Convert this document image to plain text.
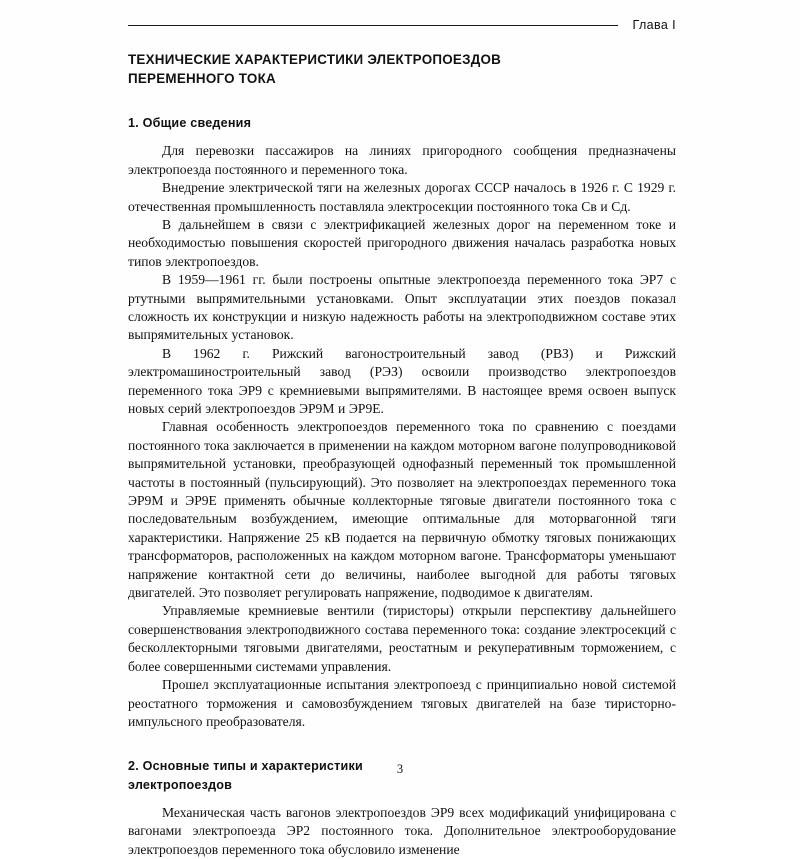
Глава I
ТЕХНИЧЕСКИЕ ХАРАКТЕРИСТИКИ ЭЛЕКТРОПОЕЗДОВ
ПЕРЕМЕННОГО ТОКА
1. Общие сведения

Для перевозки пассажиров на линиях пригородного сообщения предназначены электропоезда постоянного и переменного тока.

Внедрение электрической тяги на железных дорогах СССР началось в 1926 г. С 1929 г. отечественная промышленность поставляла электросекции постоянного тока Св и Сд.

В дальнейшем в связи с электрификацией железных дорог на переменном токе и необходимостью повышения скоростей пригородного движения началась разработка новых типов электропоездов.

В 1959—1961 гг. были построены опытные электропоезда переменного тока ЭР7 с ртутными выпрямительными установками. Опыт эксплуатации этих поездов показал сложность их конструкции и низкую надежность работы на электроподвижном составе этих выпрямительных установок.

В 1962 г. Рижский вагоностроительный завод (РВЗ) и Рижский электромашиностроительный завод (РЭЗ) освоили производство электропоездов переменного тока ЭР9 с кремниевыми выпрямителями. В настоящее время освоен выпуск новых серий электропоездов ЭР9М и ЭР9Е.

Главная особенность электропоездов переменного тока по сравнению с поездами постоянного тока заключается в применении на каждом моторном вагоне полупроводниковой выпрямительной установки, преобразующей однофазный переменный ток промышленной частоты в постоянный (пульсирующий). Это позволяет на электропоездах переменного тока ЭР9М и ЭР9Е применять обычные коллекторные тяговые двигатели постоянного тока с последовательным возбуждением, имеющие оптимальные для моторвагонной тяги характеристики. Напряжение 25 кВ подается на первичную обмотку тяговых понижающих трансформаторов, расположенных на каждом моторном вагоне. Трансформаторы уменьшают напряжение контактной сети до величины, наиболее выгодной для работы тяговых двигателей. Это позволяет регулировать напряжение, подводимое к двигателям.

Управляемые кремниевые вентили (тиристоры) открыли перспективу дальнейшего совершенствования электроподвижного состава переменного тока: создание электросекций с бесколлекторными тяговыми двигателями, реостатным и рекуперативным торможением, с более совершенными системами управления.

Прошел эксплуатационные испытания электропоезд с принципиально новой системой реостатного торможения и самовозбуждением тяговых двигателей на базе тиристорно-импульсного преобразователя.

2. Основные типы и характеристики
электропоездов

Механическая часть вагонов электропоездов ЭР9 всех модификаций унифицирована с вагонами электропоезда ЭР2 постоянного тока. Дополнительное электрооборудование электропоездов переменного тока обусловило изменение

3
